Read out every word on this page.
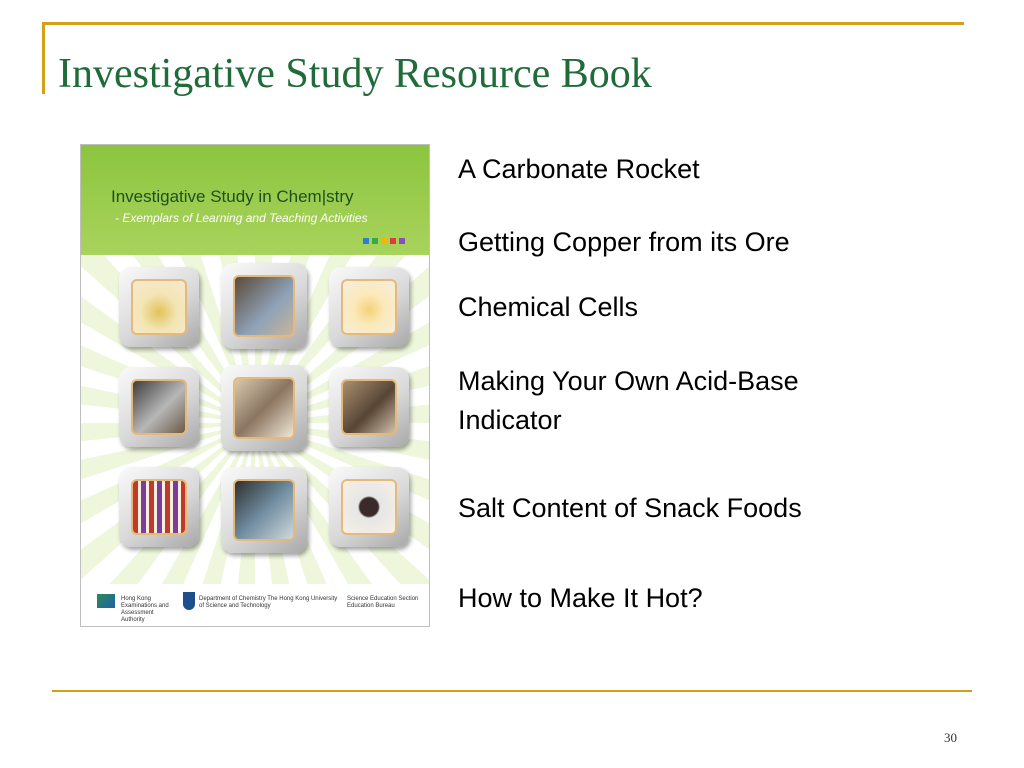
Investigative Study Resource Book
Investigative Study in Chem|stry
- Exemplars of Learning and Teaching Activities
Hong Kong Examinations and Assessment Authority
Department of Chemistry The Hong Kong University of Science and Technology
Science Education Section Education Bureau
A Carbonate Rocket
Getting Copper from its Ore
Chemical Cells
Making Your Own Acid-Base
Indicator
Salt Content of Snack Foods
How to Make It Hot?
30
